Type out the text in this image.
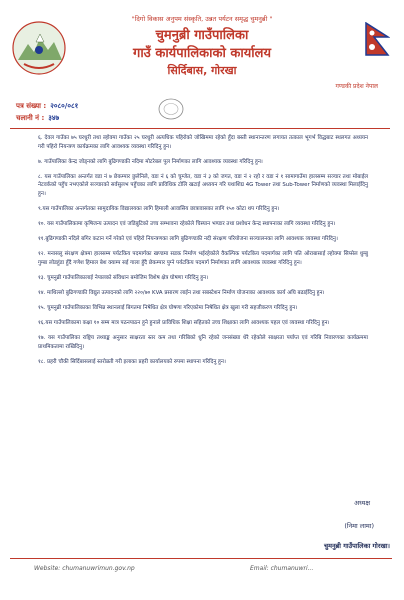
"दिगो विकास अनुपम संस्कृति, उन्नत पर्यटन समृद्ध चुमनुब्री "
चुमनुब्री गाउँपालिका
गाउँ कार्यपालिकाको कार्यालय
सिर्दिबास, गोरखा
गण्डकी प्रदेश नेपाल
पत्र संख्या : २०८०/०८१
चलानी नं : ३४७
६. देवल गाउँका ७५ घरधुरी तथा ल्होक्पा गाउँका २५ घरधुरी अत्यधिक पहिरोको जोखिममा रहेको हुँदा बस्ती स्थानान्तरण लगायत तत्काल भूगर्भ विद्धबाट स्थलगत अध्ययन गरी पहिरो नियन्त्रण कार्यक्रमका लागि आवश्यक व्यवस्था गरिदिनु हुन।
७. गाउँपालिका केन्द्र जोड्नको लागि बुढिगण्डकी नदिमा मोटरेबल पुल निर्माणका लागि आवश्यक व्यवस्था गरिदिनु हुन।
८. यस गाउँपालिका अन्तर्गत वडा नं ७ छेकम्पार छुलेनिले, वडा नं ६ को चुम्जेत, वडा नं ३ को जगत, वडा नं २ रहो र वडा नं १ सामागाउँमा हालसम्म सञ्चार तथा मोबाईल नेटवर्कको पहुँच नभएकोले सञ्चारको सर्वसुलभ पहुँचका लागि प्राविधिक टोलि खटाई अध्ययन गरि यथाशिघ्र 4G Tower तथा Sub-Tower निर्माणको व्यवस्था मिलाईदिनु हुन।
९.यस गाउँपालिका अन्तर्गतका सामुदायिक विद्यालयका लागि हिमाली आवासिय छात्रावासका लागि १५० कोटा थप गरिदिनु हुन।
१०. यस गाउँपालिकामा कृषिजन्य उत्पादन एवं जडिबुटिको उच्च सम्भावना रहेकोले चिस्यान भण्डार तथा प्रशोधन केन्द्र स्थापनाका लागि व्यवस्था गरिदिनु हुन।
११.बुढिगण्डकी नदिले बगिर कटान गर्ने गरेको एवं पहिरो नियन्त्रणका लागि बुढिगण्डकी नदी संरक्षण परियोजना सञ्चालनका लागि आवश्यक व्यवस्था गरिदिनु।
१२. मनासलु संरक्षण क्षेत्रमा हालसम्म पर्यटकिय पदमार्गका खण्डमा सडक निर्माण भईरहेकोले वैकल्पिक पर्यटकिय पदमार्गका लागि पति ओराबासाई ल्होक्पा सिप्सेल धुम्बु गुम्बा लोडहुंडा हुँदै गणेश हिमाल बेश क्याम्प सई गाला हुँदै छेकम्पार पुग्ने पर्यटकिय पदमार्ग निर्माणका लागि आवश्यक व्यवस्था गरिदिनु हुन।
१३. चुमनुब्री गाउँपालिकालाई नेपालको संविधान बमोजिम विशेष क्षेत्र घोषणा गरिदिनु हुन।
१४. माथिल्लो बुढिगण्डकी विद्युत उत्पादनको लागि २२०/७० KVA प्रसारण लाईन तथा सबस्टेशन निर्माण योजनाका आवश्यक कार्य अघि बढाईदिनु हुन।
१५. चुमनुब्री गाउँपालिकाका विभिन्न स्थानलाई बिगतमा निषेधित क्षेत्र घोषणा गरिएकोमा निषेधित क्षेत्र खुला गरी सहजीकरण गरिदिनु हुन।
१६.यस गाउँपालिकामा कक्षा १० सम्म मात्र पठनपाठन हुने हुनाले प्राविधिक शिक्षा सहितको उच्च शिक्षाका लागि आवश्यक पहल एवं व्यवस्था गरिदिनु हुन।
१७. यस गाउँपालिका राष्ट्रिय तथ्याङ्क अनुसार साक्षरता स्तर कम तथा गरिबिको धुनि रहेको जनसंख्या धेरै रहेकोले साक्षरता पर्याप्त एवं गरिबि निवारणका कार्यक्रममा प्राथमिकतामा राखिदिनु।
१८. प्रहरी चौकी सिर्दिबासलाई स्तरोन्नती गरी इलाका प्रहरी कार्यालयको रुपमा स्थापना गरिदिनु हुन।
अध्यक्ष
(निमा लामा)
चुमनुब्री गाउँपालिका गोरखा।
Website: chumanuwrimun.gov.np	Email: chumanuwri...
